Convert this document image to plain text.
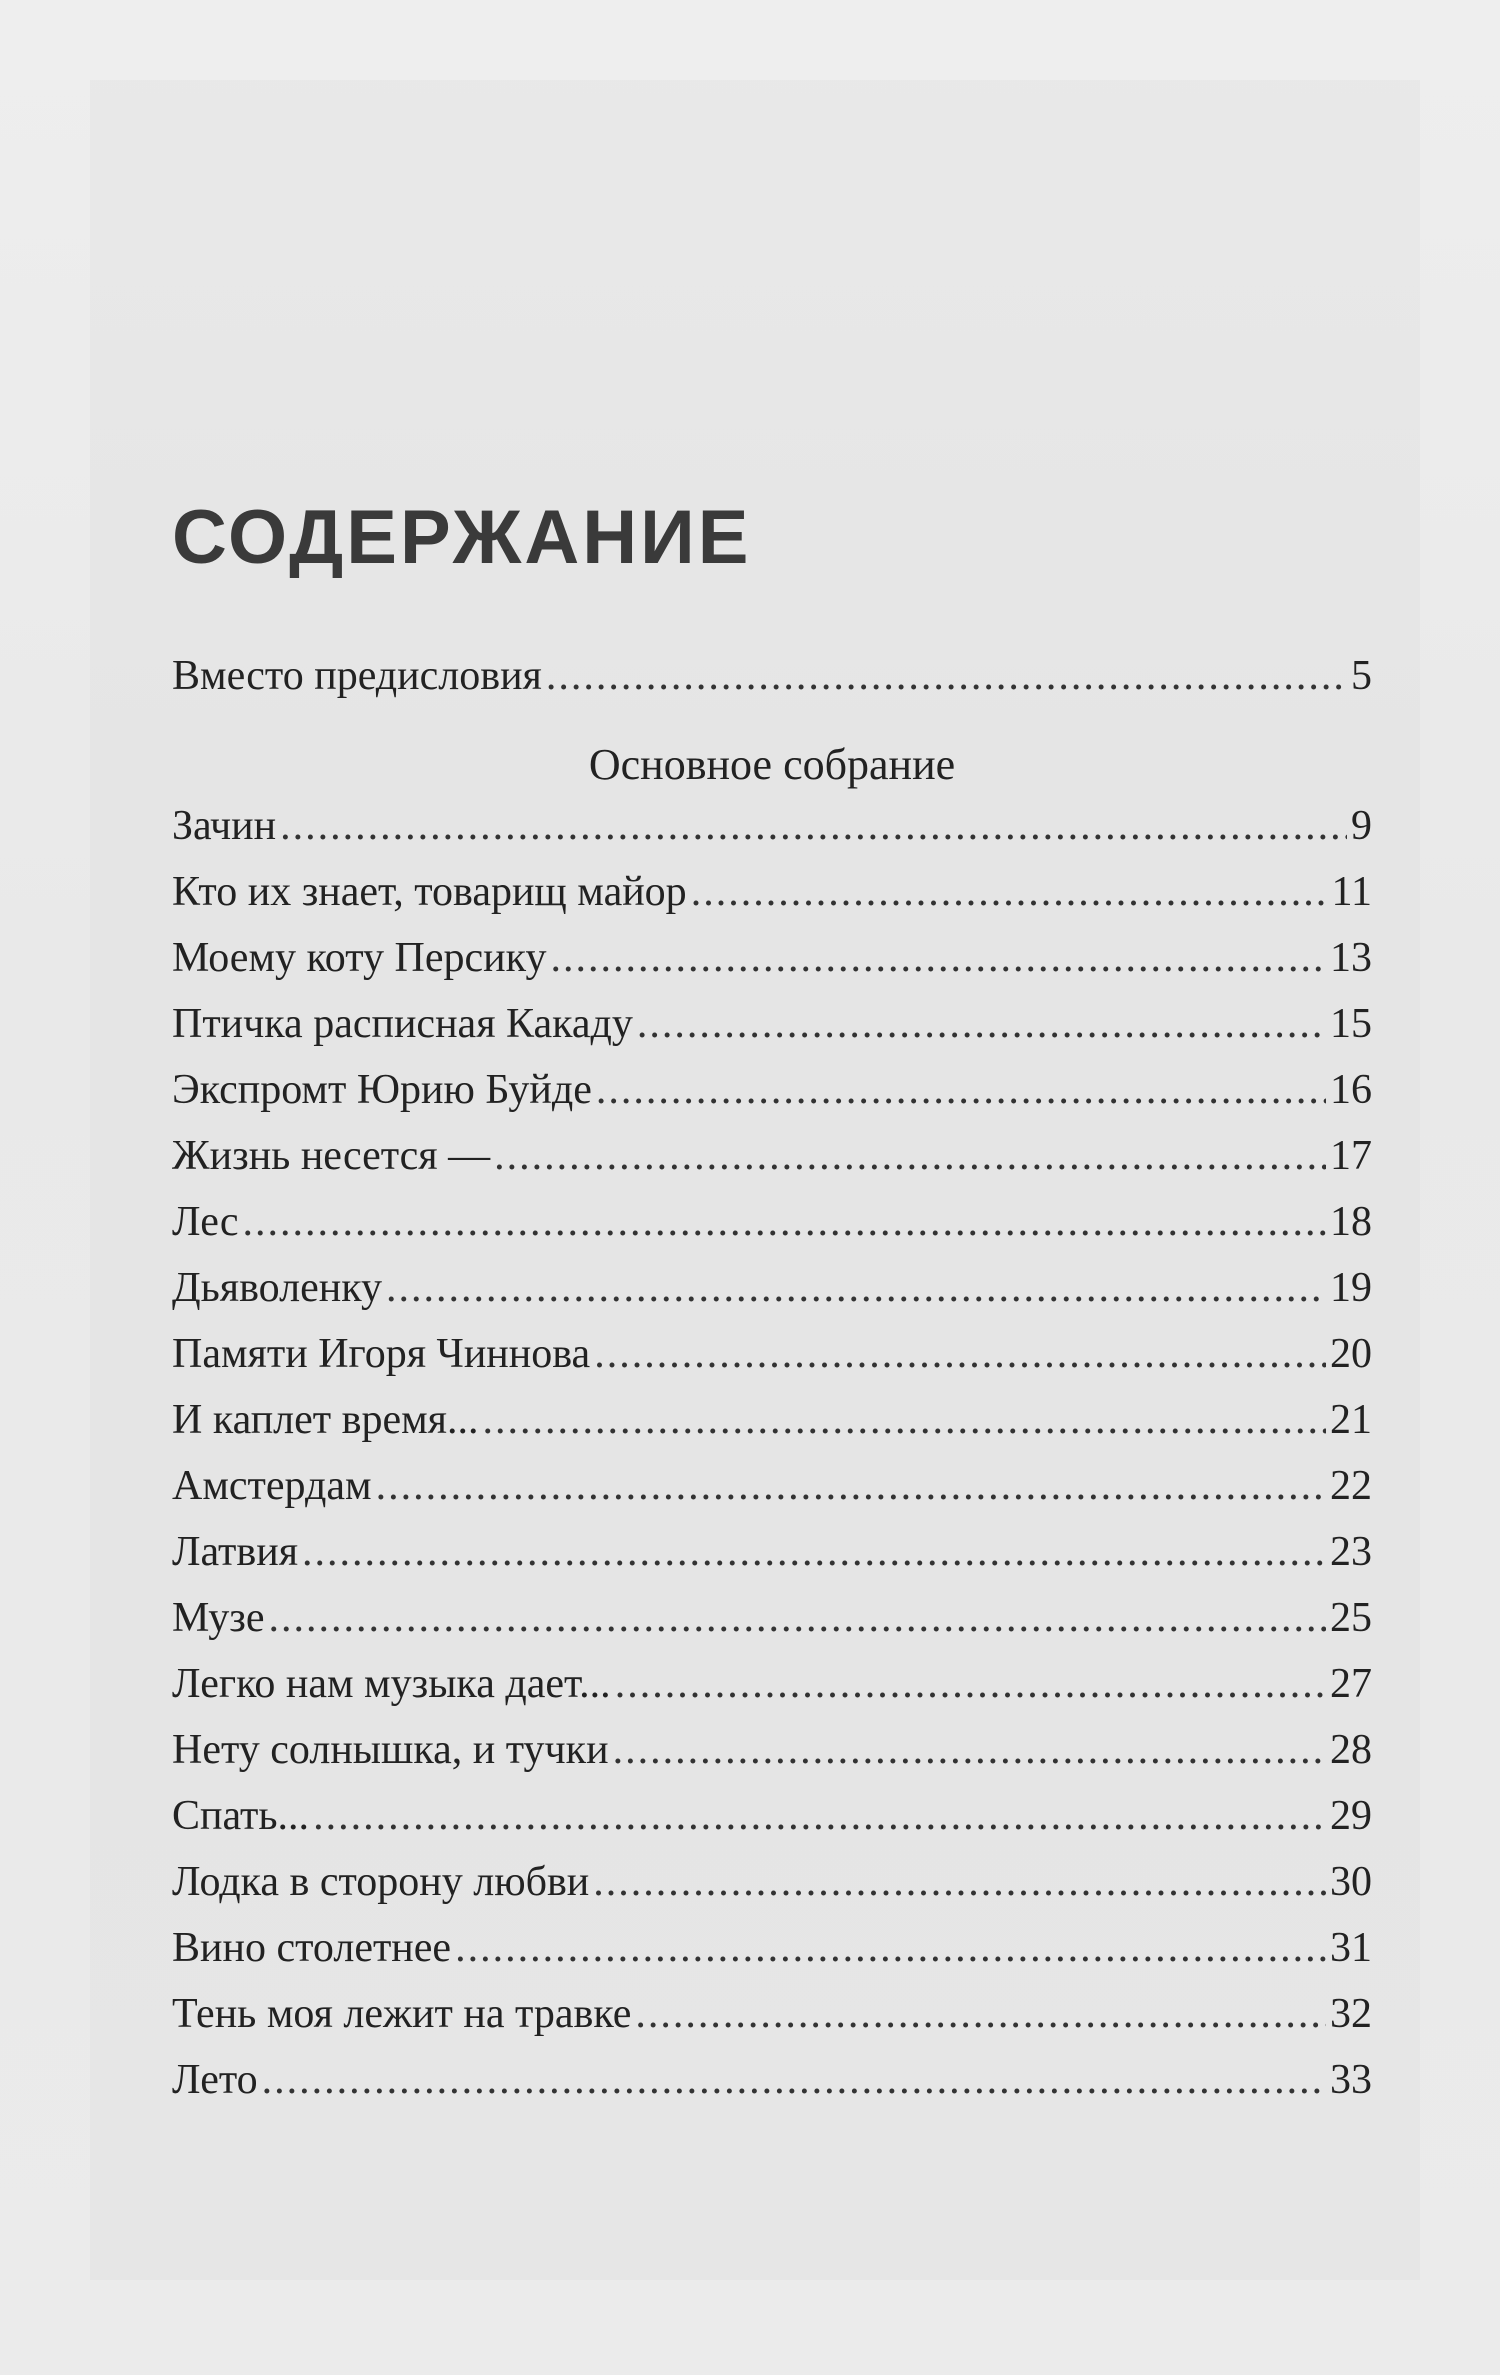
СОДЕРЖАНИЕ
Вместо предисловия .....	5
Основное собрание
Зачин .....	9
Кто их знает, товарищ майор .....	11
Моему коту Персику .....	13
Птичка расписная Какаду .....	15
Экспромт Юрию Буйде .....	16
Жизнь несется — .....	17
Лес .....	18
Дьяволенку .....	19
Памяти Игоря Чиннова .....	20
И каплет время... .....	21
Амстердам .....	22
Латвия .....	23
Музе .....	25
Легко нам музыка дает... .....	27
Нету солнышка, и тучки .....	28
Спать... .....	29
Лодка в сторону любви .....	30
Вино столетнее .....	31
Тень моя лежит на травке .....	32
Лето .....	33
